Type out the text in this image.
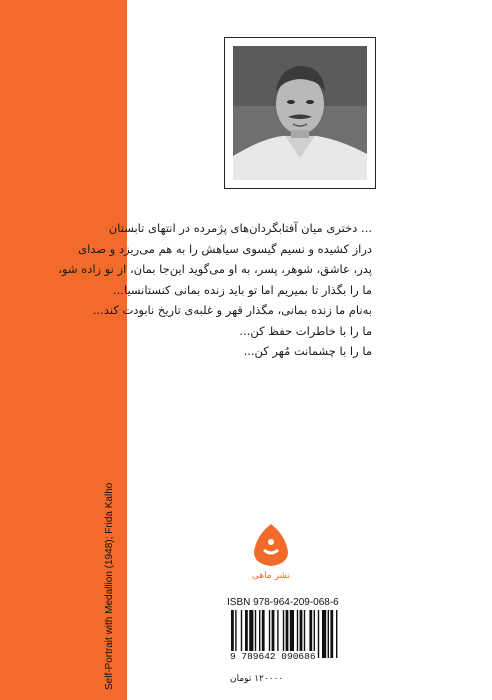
Self-Portrait with Medallion (1948); Frida Kalho
... دختری میان آفتابگردان‌های پژمرده در انتهای تابستان
دراز کشیده و نسیم گیسوی سیاهش را به هم می‌ریزد و صدای
پدر، عاشق، شوهر، پسر، به او می‌گوید این‌جا بمان، از نو زاده شو،
ما را بگذار تا بمیریم اما تو باید زنده بمانی کنستانسیا...
به‌نام ما زنده بمانی، مگذار قهر و غلبه‌ی تاریخ نابودت کند...
ما را با خاطرات حفظ کن...
ما را با چشمانت مُهر کن...
نشر ماهی
ISBN 978-964-209-068-6
9 789642 090686
۱۲۰۰۰۰ تومان
